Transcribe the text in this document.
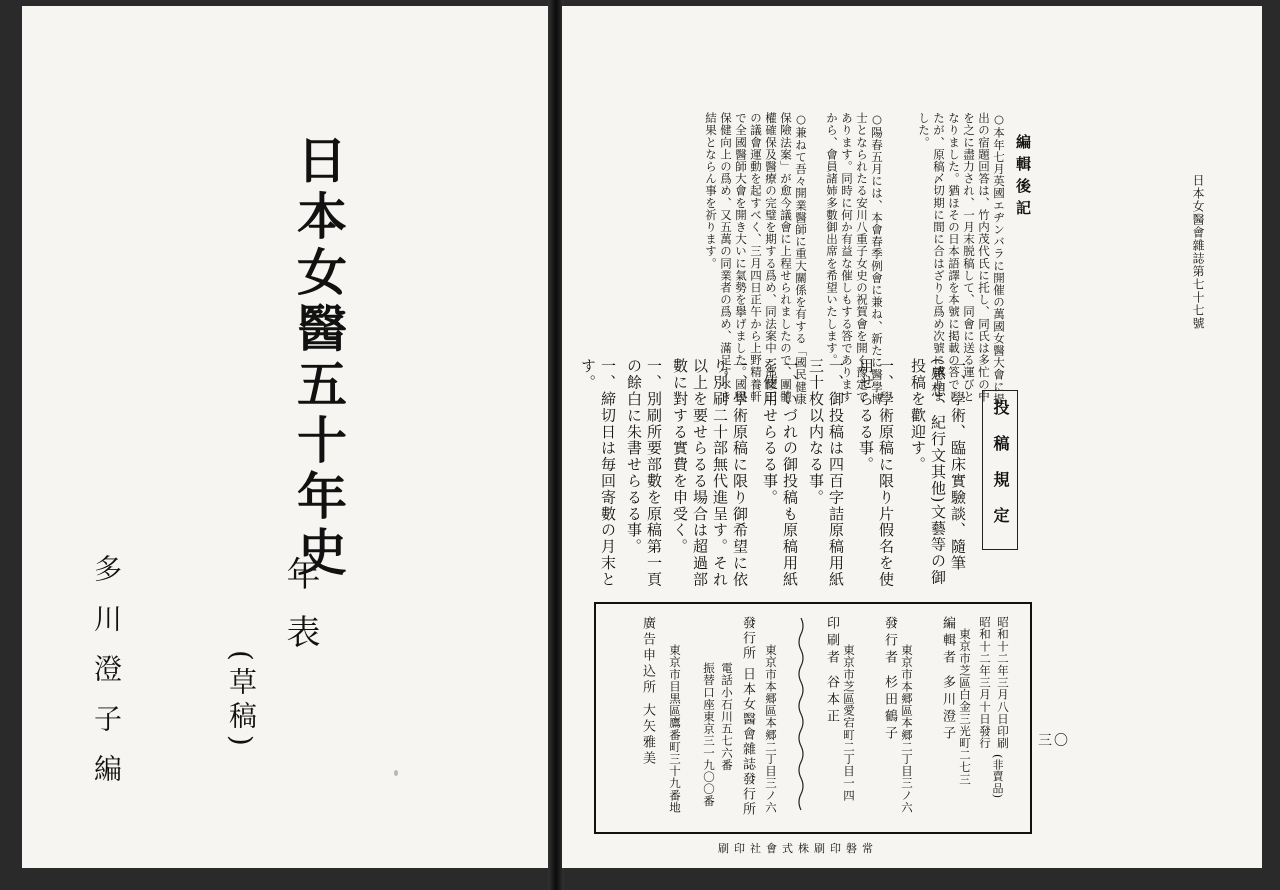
日本女醫五十年史
年表
(草稿)
多川澄子編
日本女醫會雜誌第七十七號
編輯後記
○本年七月英國エヂンバラに開催の萬國女醫大會に提出の宿題回答は、竹内茂代氏に托し、同氏は多忙の中を之に盡力され、一月末脱稿して、同會に送る運びとなりました。猶ほその日本語譯を本號に掲載の答でしたが、原稿〆切期に間に合はざりし爲め次號に譲りました。
○陽春五月には、本會春季例會に兼ね、新たに醫學博士となられたる安川八重子女史の祝賀會を開く豫定であります。同時に何か有益な催しもする答でありますから、會員諸姉多數御出席を希望いたします。
○兼ねて吾々開業醫師に重大關係を有する「國民健康保險法案」が愈今議會に上程せられましたので、團體權確保及醫療の完璧を期する爲め、同法案中一部修正の議會運動を起すべく、三月四日正午から上野精養軒で全國醫師大會を開き大いに氣勢を擧げました。國民保健向上の爲め、又五萬の同業者の爲め、滿足すべき結果とならん事を祈ります。
投稿規定
一、學術、臨床實驗談、隨筆(感想、紀行文其他)文藝等の御投稿を歡迎す。
一、學術原稿に限り片假名を使用せらるる事。
一、御投稿は四百字詰原稿用紙三十枚以内なる事。
一、いづれの御投稿も原稿用紙を使用せらるる事。
一、學術原稿に限り御希望に依り別刷二十部無代進呈す。それ以上を要せらるる場合は超過部數に對する實費を申受く。
一、別刷所要部數を原稿第一頁の餘白に朱書せらるる事。
一、締切日は毎回寄數の月末とす。
三〇
昭和十二年三月八日印刷
昭和十二年三月十日發行
(非賣品)
東京市芝區白金三光町二七三
編輯者 多川澄子
東京市本郷區本郷二丁目三ノ六
發行者 杉田鶴子
東京市芝區愛宕町二丁目一四
印刷者 谷本正
東京市本郷區本郷二丁目三ノ六
發行所 日本女醫會雜誌發行所
電話小石川五七六番
振替口座東京三一九〇〇番
東京市目黒區鷹番町三十九番地
廣告申込所 大矢雅美
常磐印刷株式會社印刷
